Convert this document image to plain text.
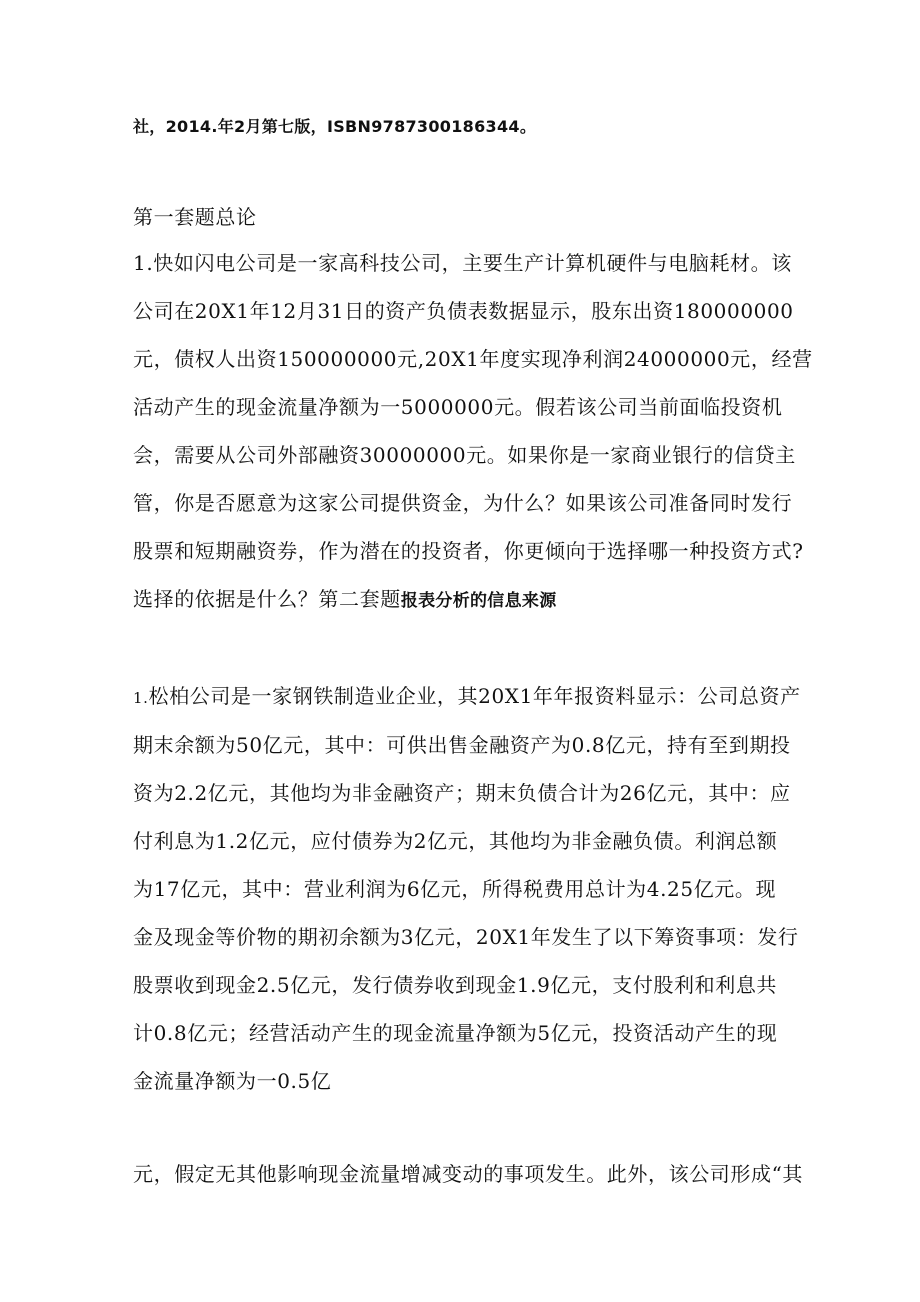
社，2014.年2月第七版，ISBN9787300186344。

第一套题总论

1.快如闪电公司是一家高科技公司，主要生产计算机硬件与电脑耗材。该

公司在20X1年12月31日的资产负债表数据显示，股东出资180000000

元，债权人出资150000000元,20X1年度实现净利润24000000元，经营

活动产生的现金流量净额为一5000000元。假若该公司当前面临投资机

会，需要从公司外部融资30000000元。如果你是一家商业银行的信贷主

管，你是否愿意为这家公司提供资金，为什么？如果该公司准备同时发行

股票和短期融资券，作为潜在的投资者，你更倾向于选择哪一种投资方式?

选择的依据是什么？第二套题报表分析的信息来源

1.松柏公司是一家钢铁制造业企业，其20X1年年报资料显示：公司总资产

期末余额为50亿元，其中：可供出售金融资产为0.8亿元，持有至到期投

资为2.2亿元，其他均为非金融资产；期末负债合计为26亿元，其中：应

付利息为1.2亿元，应付债券为2亿元，其他均为非金融负债。利润总额

为17亿元，其中：营业利润为6亿元，所得税费用总计为4.25亿元。现

金及现金等价物的期初余额为3亿元，20X1年发生了以下筹资事项：发行

股票收到现金2.5亿元，发行债券收到现金1.9亿元，支付股利和利息共

计0.8亿元；经营活动产生的现金流量净额为5亿元，投资活动产生的现

金流量净额为一0.5亿

元，假定无其他影响现金流量增减变动的事项发生。此外，该公司形成“其
